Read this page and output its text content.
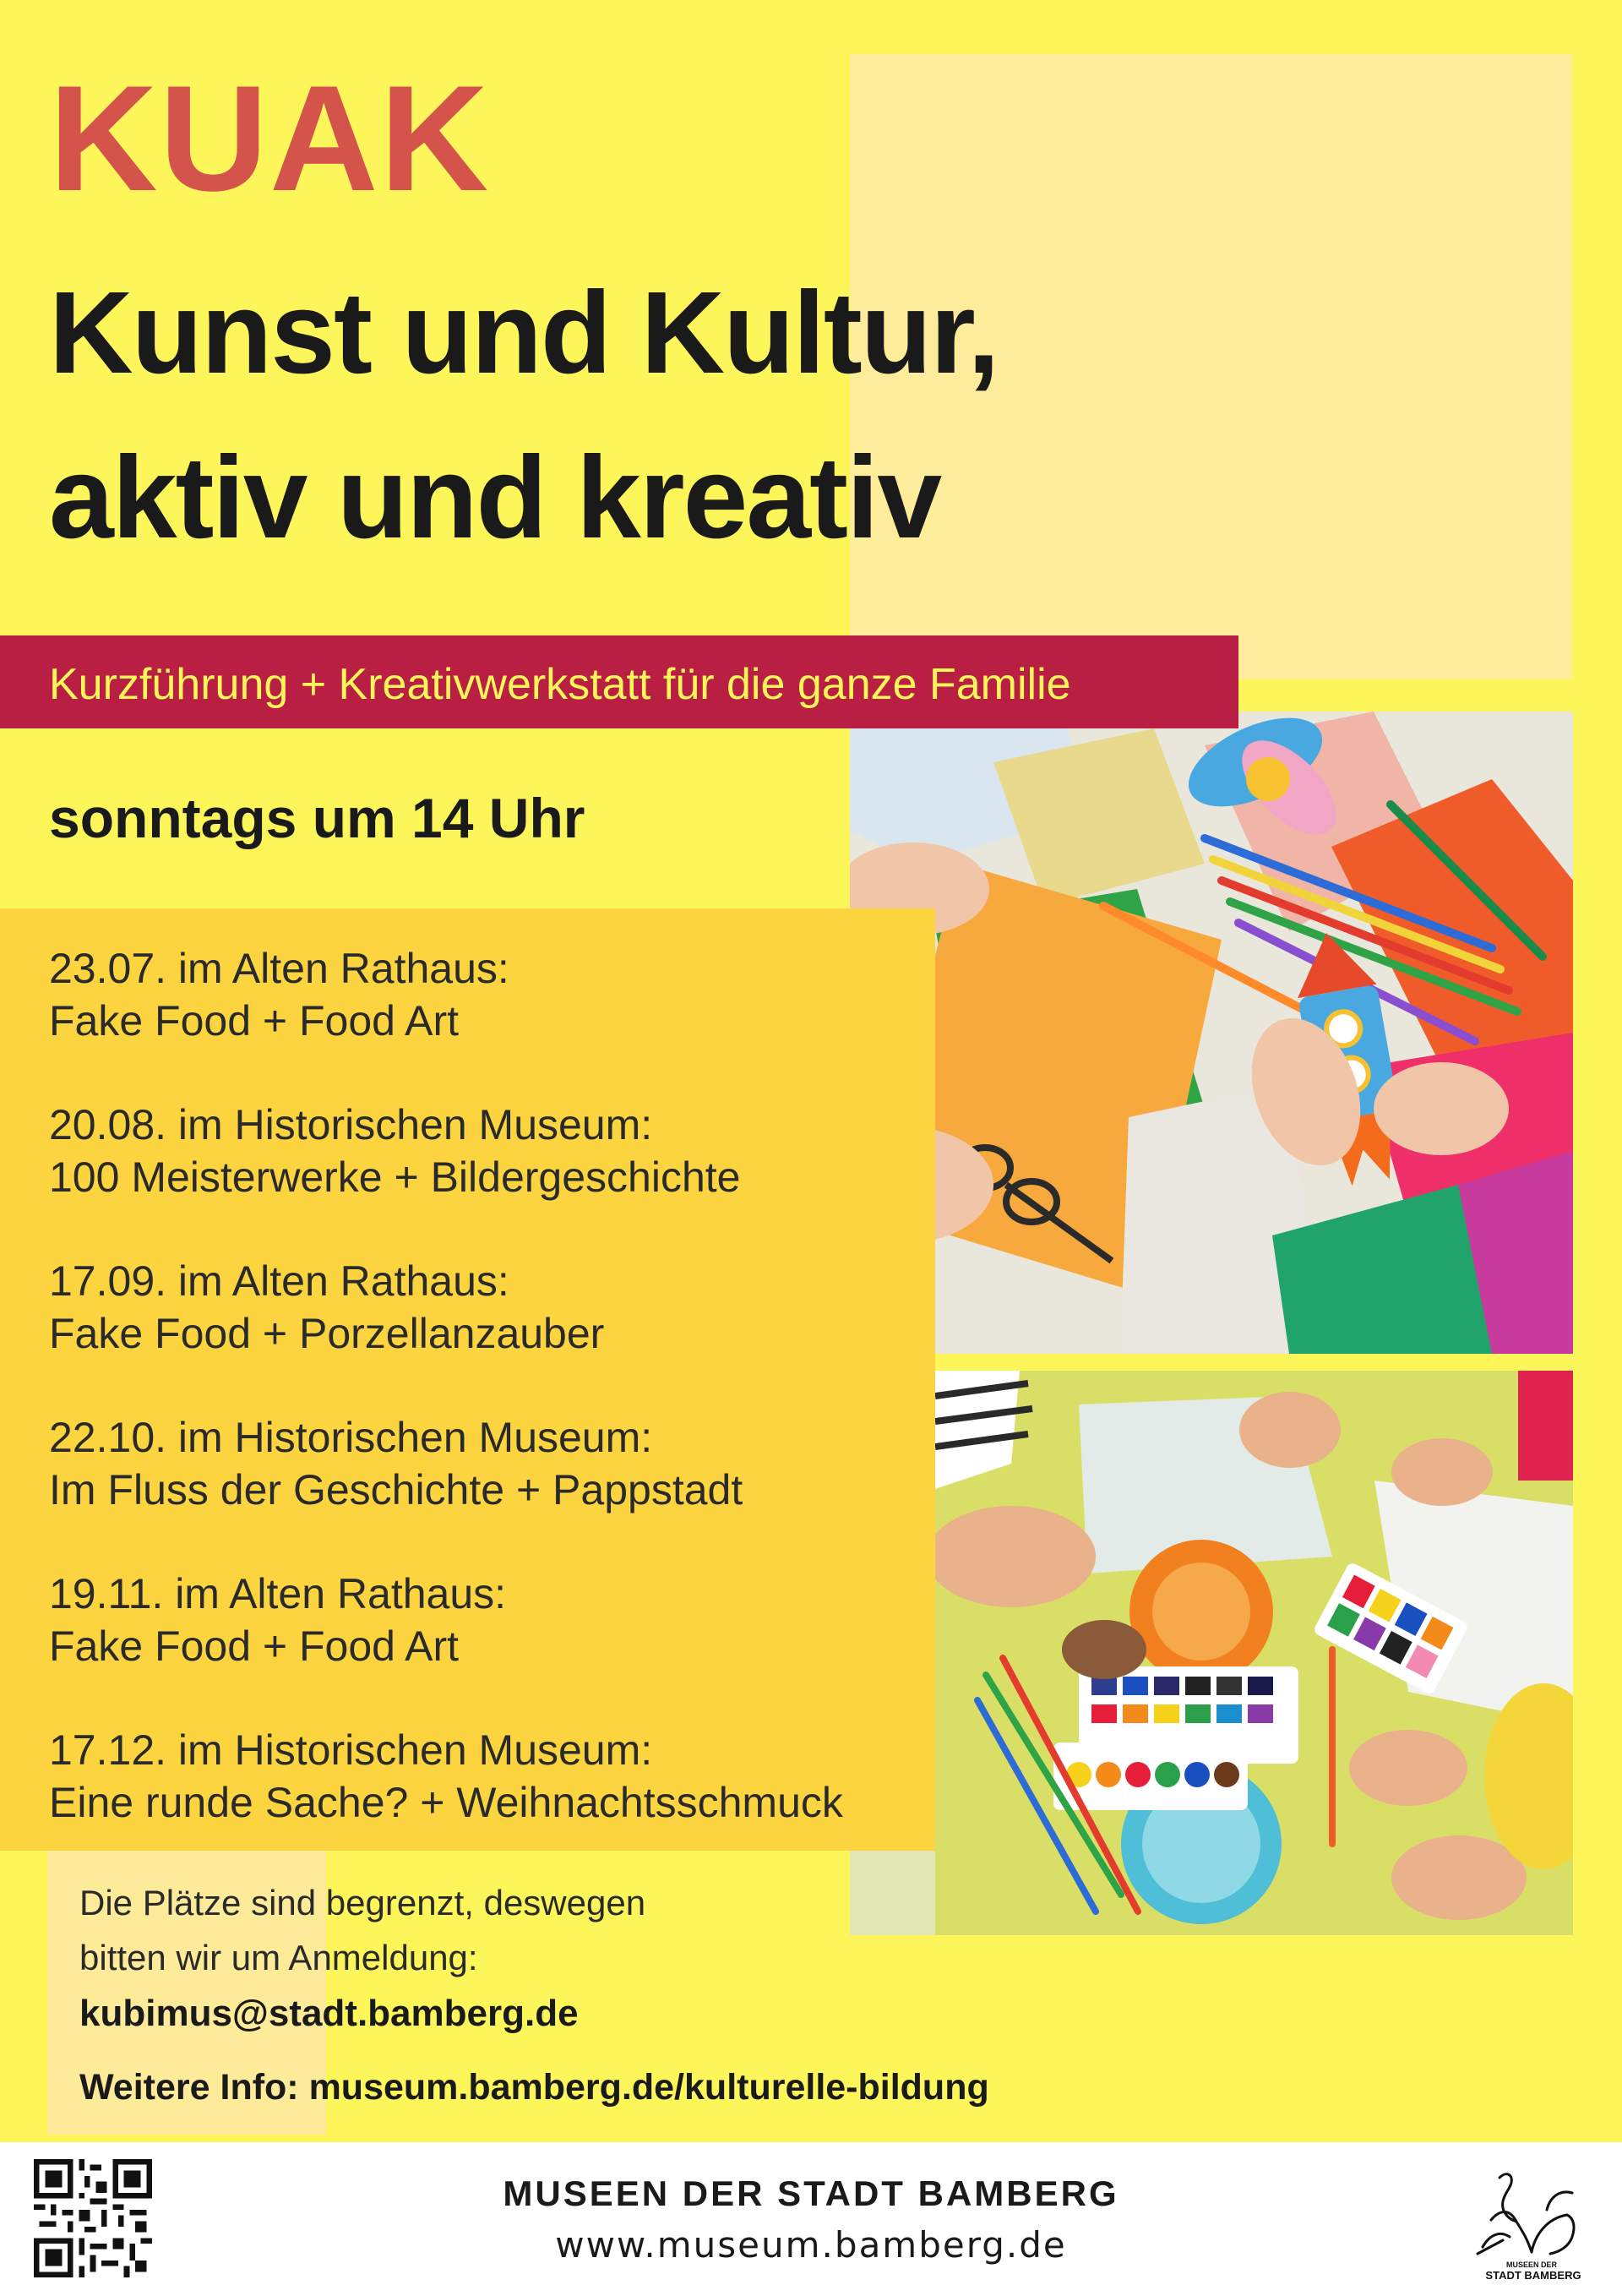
KUAK
Kunst und Kultur,
aktiv und kreativ
Kurzführung + Kreativwerkstatt für die ganze Familie
sonntags um 14 Uhr
23.07. im Alten Rathaus:
Fake Food + Food Art
20.08. im Historischen Museum:
100 Meisterwerke + Bildergeschichte
17.09. im Alten Rathaus:
Fake Food + Porzellanzauber
22.10. im Historischen Museum:
Im Fluss der Geschichte + Pappstadt
19.11. im Alten Rathaus:
Fake Food + Food Art
17.12. im Historischen Museum:
Eine runde Sache? + Weihnachtsschmuck
Die Plätze sind begrenzt, deswegen
bitten wir um Anmeldung:
kubimus@stadt.bamberg.de
Weitere Info: museum.bamberg.de/kulturelle-bildung
MUSEEN DER STADT BAMBERG
www.museum.bamberg.de	MUSEEN DER
STADT BAMBERG
